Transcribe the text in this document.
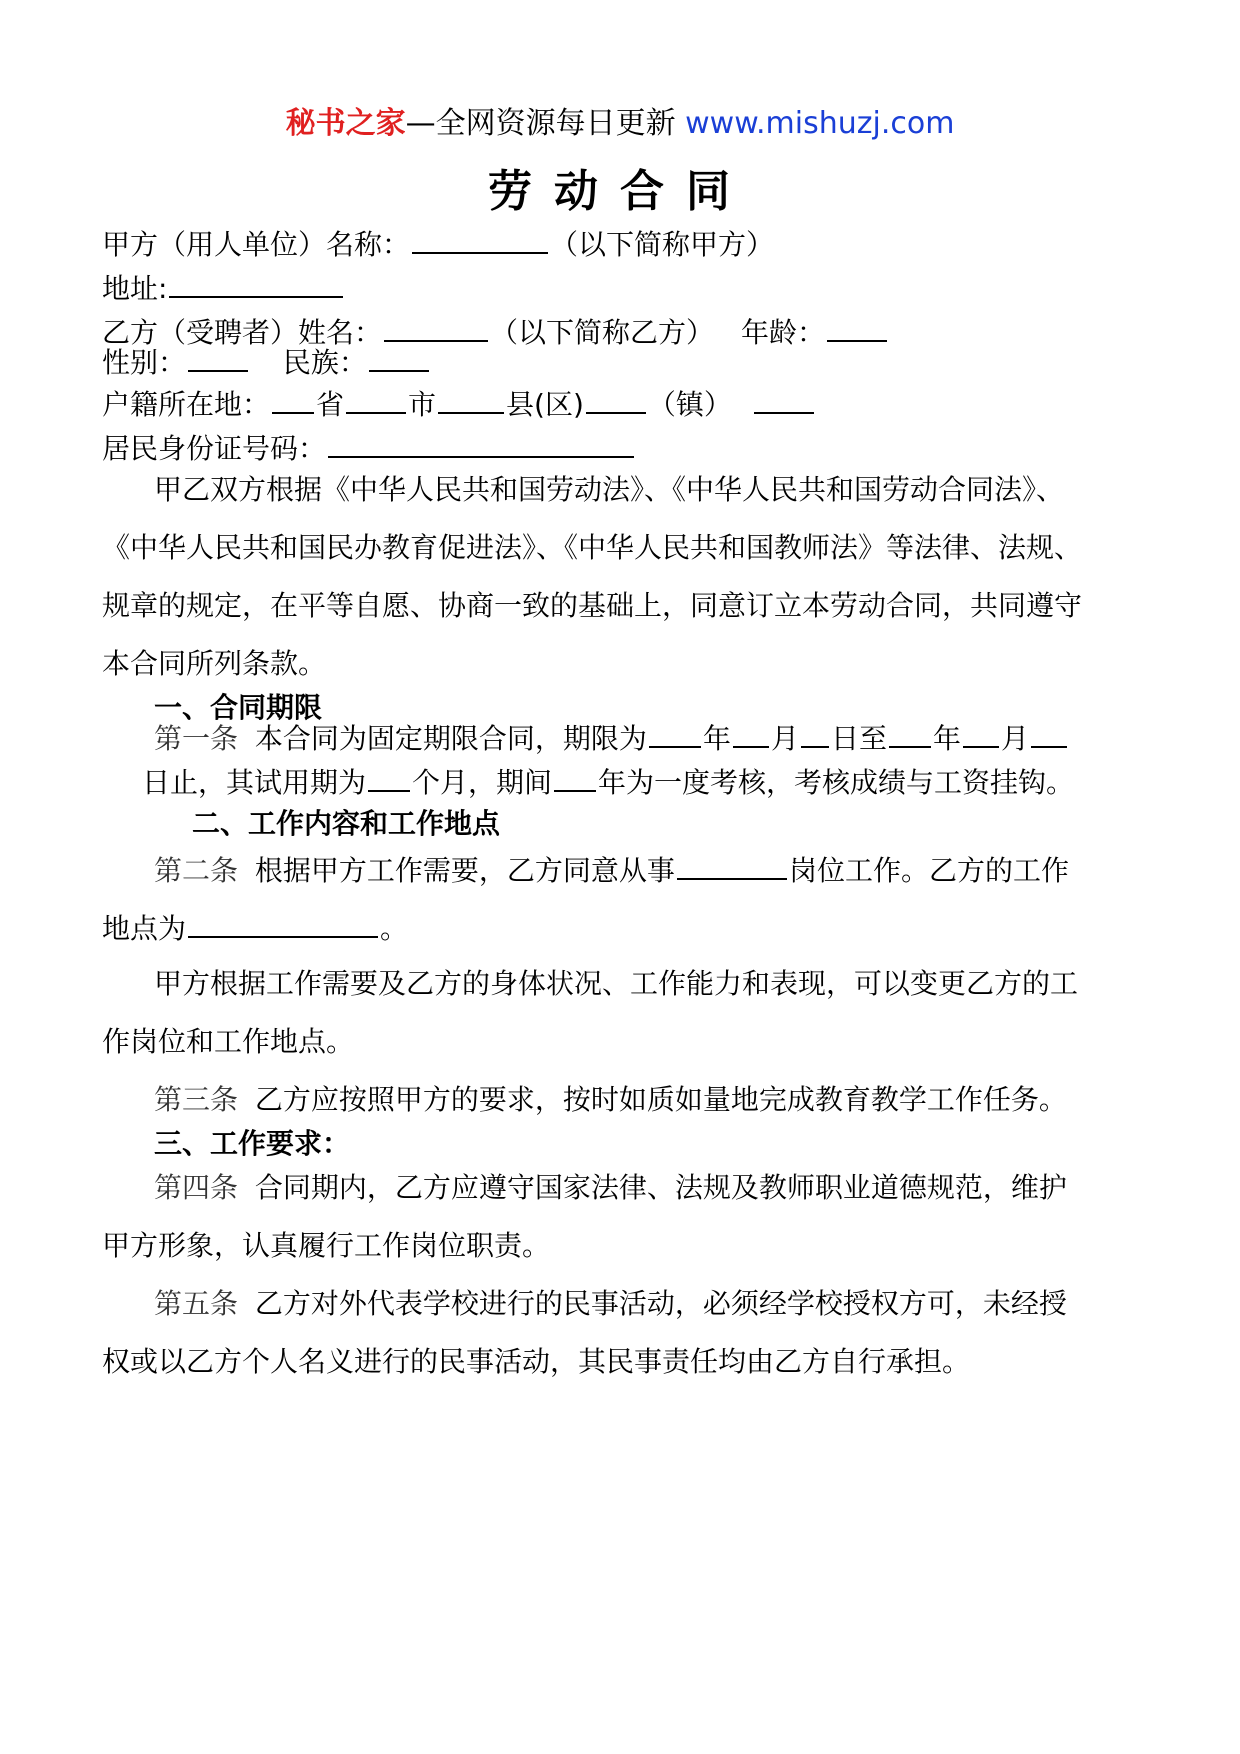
秘书之家—全网资源每日更新 www.mishuzj.com
劳动合同
甲方（用人单位）名称：	（以下简称甲方）
地址:
乙方（受聘者）姓名：	（以下简称乙方） 年龄：
性别：	民族：
户籍所在地： 省 市	县(区) （镇）
居民身份证号码：
甲乙双方根据《中华人民共和国劳动法》、《中华人民共和国劳动合同法》、
《中华人民共和国民办教育促进法》、《中华人民共和国教师法》等法律、法规、
规章的规定，在平等自愿、协商一致的基础上，同意订立本劳动合同，共同遵守
本合同所列条款。
一、合同期限
第一条 本合同为固定期限合同，期限为 年 月 日至 年 月
日止，其试用期为 个月，期间 年为一度考核，考核成绩与工资挂钩。
二、工作内容和工作地点
第二条 根据甲方工作需要，乙方同意从事	岗位工作。乙方的工作
地点为	。
甲方根据工作需要及乙方的身体状况、工作能力和表现，可以变更乙方的工
作岗位和工作地点。
第三条 乙方应按照甲方的要求，按时如质如量地完成教育教学工作任务。
三、工作要求：
第四条 合同期内，乙方应遵守国家法律、法规及教师职业道德规范，维护
甲方形象，认真履行工作岗位职责。
第五条 乙方对外代表学校进行的民事活动，必须经学校授权方可，未经授
权或以乙方个人名义进行的民事活动，其民事责任均由乙方自行承担。
